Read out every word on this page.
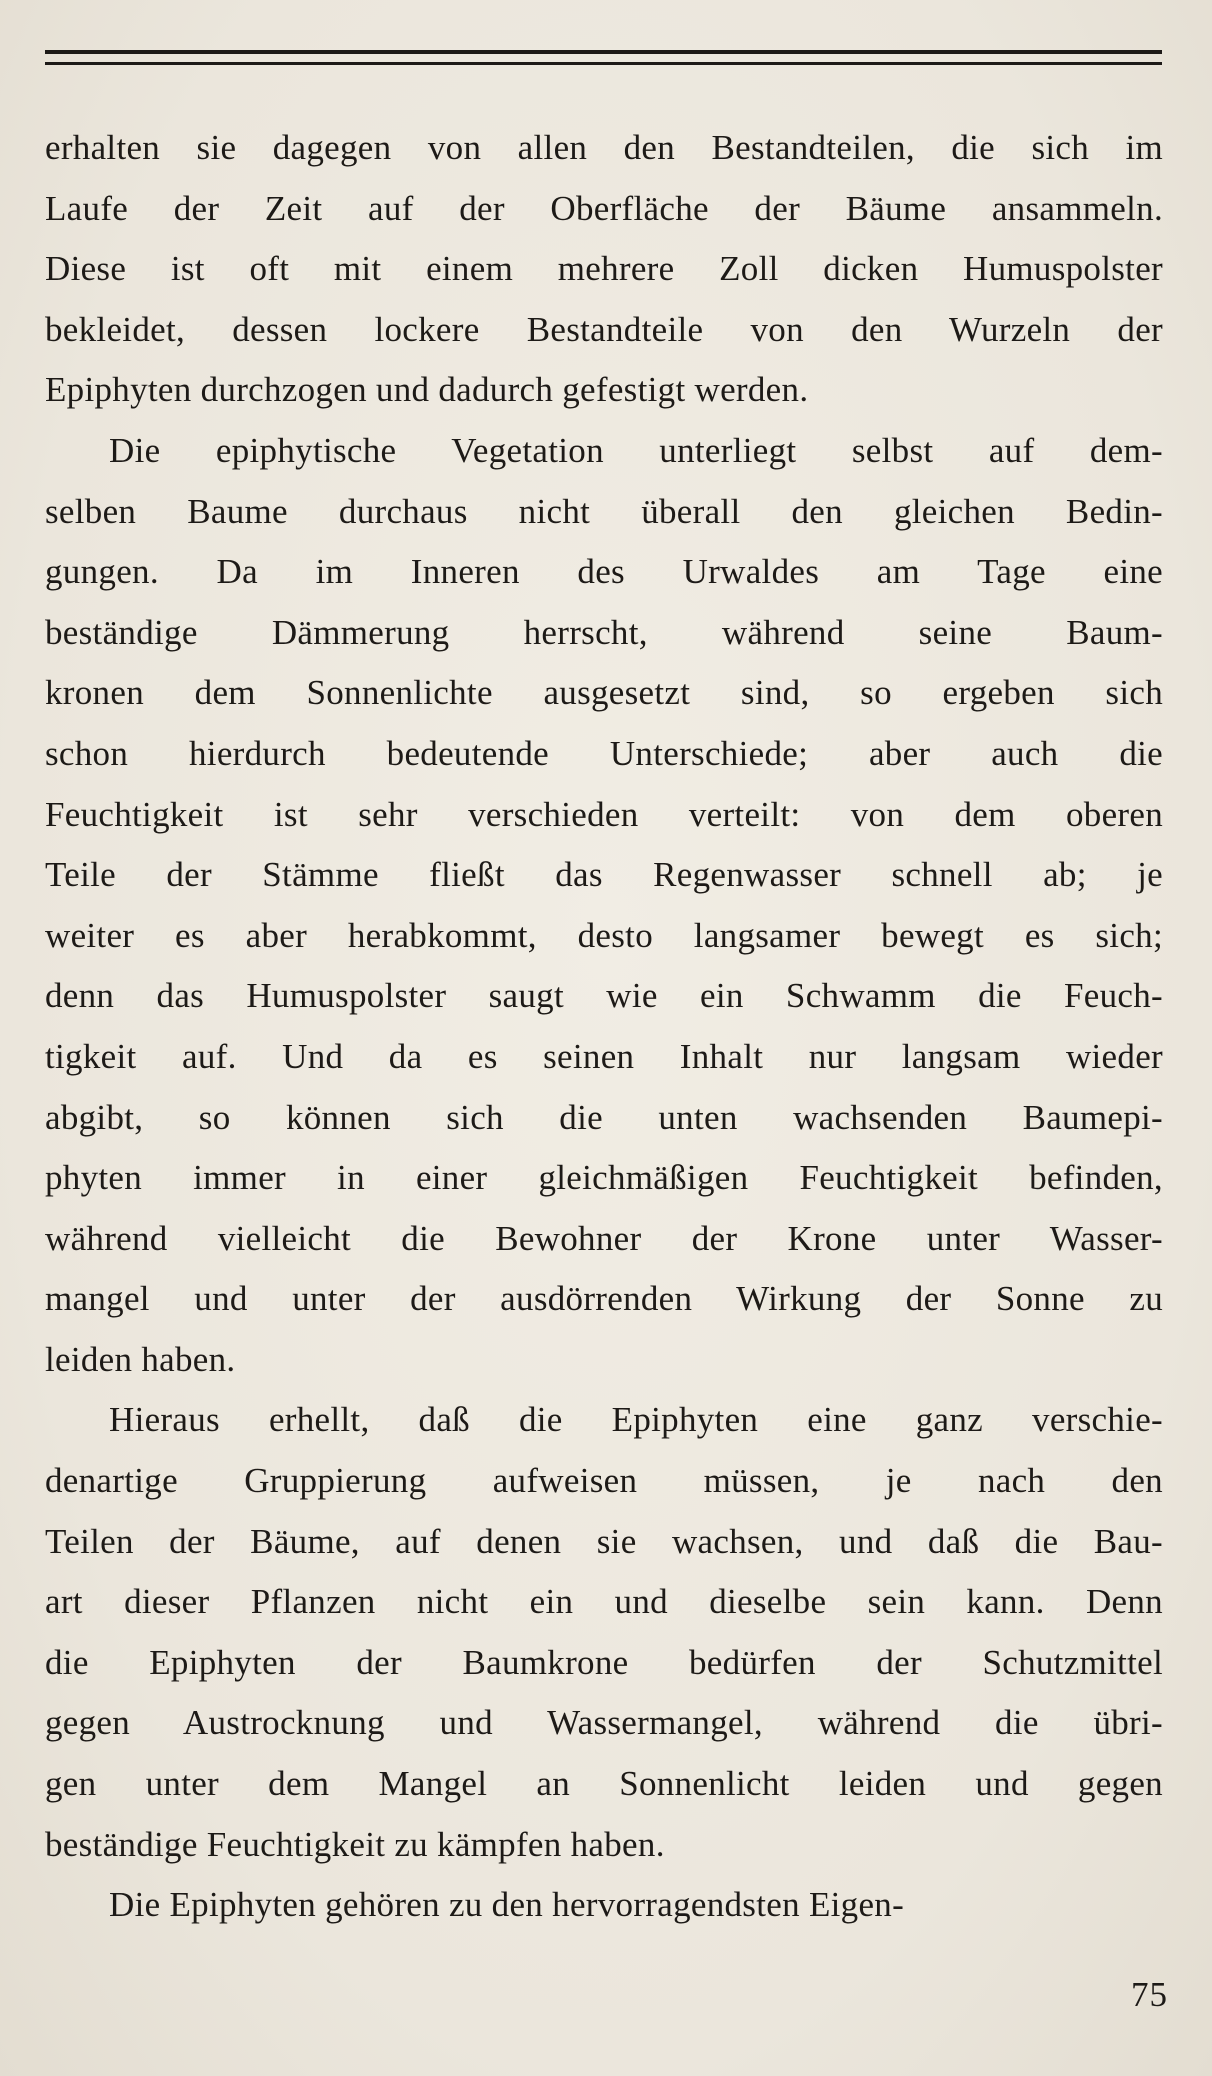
erhalten sie dagegen von allen den Bestandteilen, die sich im
Laufe der Zeit auf der Oberfläche der Bäume ansammeln.
Diese ist oft mit einem mehrere Zoll dicken Humuspolster
bekleidet, dessen lockere Bestandteile von den Wurzeln der
Epiphyten durchzogen und dadurch gefestigt werden.

Die epiphytische Vegetation unterliegt selbst auf dem-
selben Baume durchaus nicht überall den gleichen Bedin-
gungen. Da im Inneren des Urwaldes am Tage eine
beständige Dämmerung herrscht, während seine Baum-
kronen dem Sonnenlichte ausgesetzt sind, so ergeben sich
schon hierdurch bedeutende Unterschiede; aber auch die
Feuchtigkeit ist sehr verschieden verteilt: von dem oberen
Teile der Stämme fließt das Regenwasser schnell ab; je
weiter es aber herabkommt, desto langsamer bewegt es sich;
denn das Humuspolster saugt wie ein Schwamm die Feuch-
tigkeit auf. Und da es seinen Inhalt nur langsam wieder
abgibt, so können sich die unten wachsenden Baumepi-
phyten immer in einer gleichmäßigen Feuchtigkeit befinden,
während vielleicht die Bewohner der Krone unter Wasser-
mangel und unter der ausdörrenden Wirkung der Sonne zu
leiden haben.

Hieraus erhellt, daß die Epiphyten eine ganz verschie-
denartige Gruppierung aufweisen müssen, je nach den
Teilen der Bäume, auf denen sie wachsen, und daß die Bau-
art dieser Pflanzen nicht ein und dieselbe sein kann. Denn
die Epiphyten der Baumkrone bedürfen der Schutzmittel
gegen Austrocknung und Wassermangel, während die übri-
gen unter dem Mangel an Sonnenlicht leiden und gegen
beständige Feuchtigkeit zu kämpfen haben.

Die Epiphyten gehören zu den hervorragendsten Eigen-

75
